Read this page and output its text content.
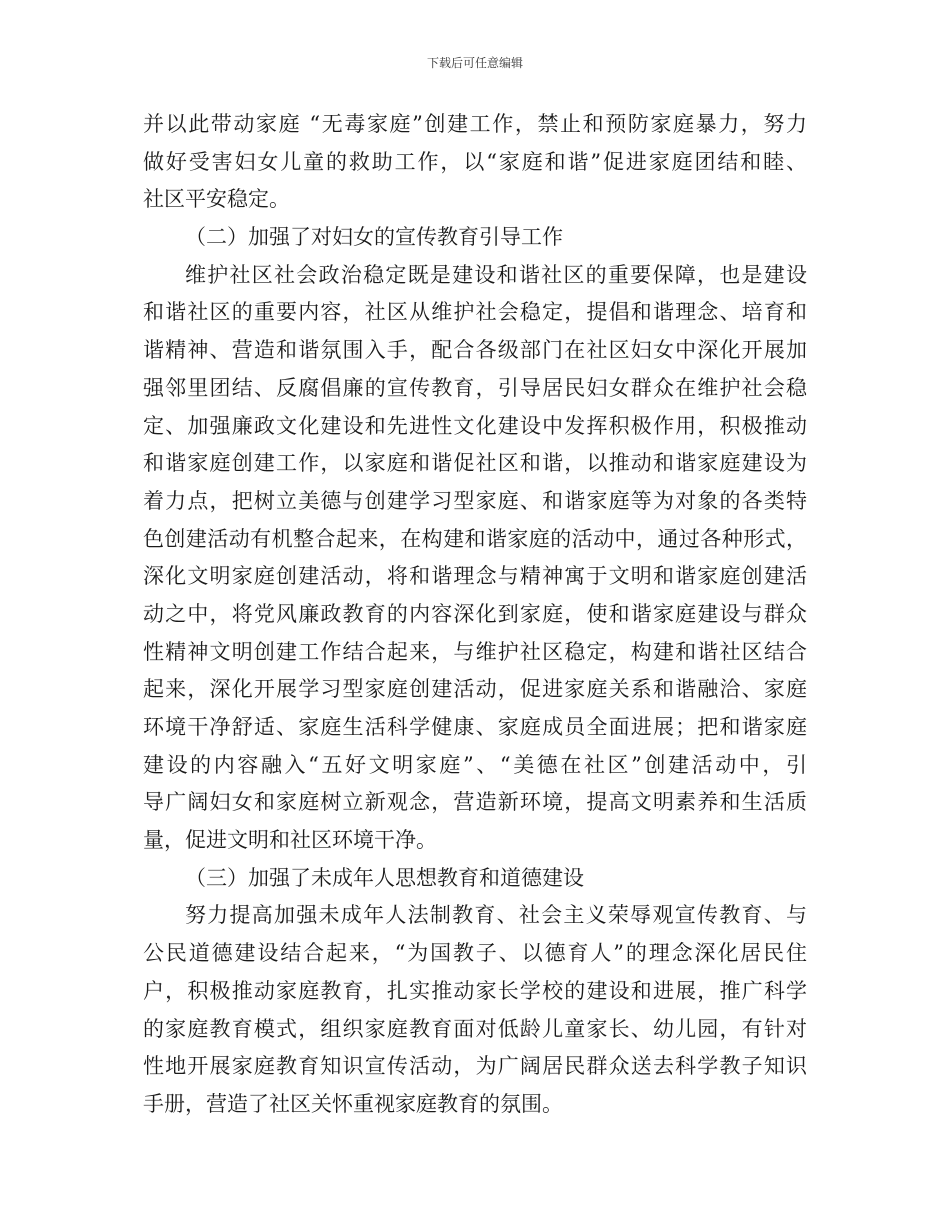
下载后可任意编辑
并以此带动家庭 “无毒家庭”创建工作，禁止和预防家庭暴力，努力
做好受害妇女儿童的救助工作，以“家庭和谐”促进家庭团结和睦、
社区平安稳定。
（二）加强了对妇女的宣传教育引导工作
维护社区社会政治稳定既是建设和谐社区的重要保障，也是建设
和谐社区的重要内容，社区从维护社会稳定，提倡和谐理念、培育和
谐精神、营造和谐氛围入手，配合各级部门在社区妇女中深化开展加
强邻里团结、反腐倡廉的宣传教育，引导居民妇女群众在维护社会稳
定、加强廉政文化建设和先进性文化建设中发挥积极作用，积极推动
和谐家庭创建工作，以家庭和谐促社区和谐，以推动和谐家庭建设为
着力点，把树立美德与创建学习型家庭、和谐家庭等为对象的各类特
色创建活动有机整合起来，在构建和谐家庭的活动中，通过各种形式，
深化文明家庭创建活动，将和谐理念与精神寓于文明和谐家庭创建活
动之中，将党风廉政教育的内容深化到家庭，使和谐家庭建设与群众
性精神文明创建工作结合起来，与维护社区稳定，构建和谐社区结合
起来，深化开展学习型家庭创建活动，促进家庭关系和谐融洽、家庭
环境干净舒适、家庭生活科学健康、家庭成员全面进展；把和谐家庭
建设的内容融入“五好文明家庭”、“美德在社区”创建活动中，引
导广阔妇女和家庭树立新观念，营造新环境，提高文明素养和生活质
量，促进文明和社区环境干净。
（三）加强了未成年人思想教育和道德建设
努力提高加强未成年人法制教育、社会主义荣辱观宣传教育、与
公民道德建设结合起来，“为国教子、以德育人”的理念深化居民住
户，积极推动家庭教育，扎实推动家长学校的建设和进展，推广科学
的家庭教育模式，组织家庭教育面对低龄儿童家长、幼儿园，有针对
性地开展家庭教育知识宣传活动，为广阔居民群众送去科学教子知识
手册，营造了社区关怀重视家庭教育的氛围。
